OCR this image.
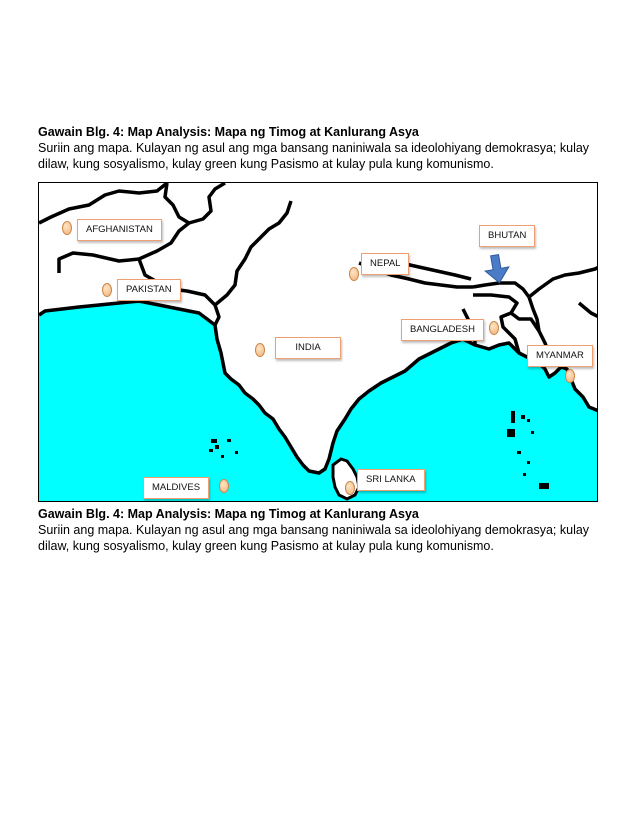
Gawain Blg. 4: Map Analysis: Mapa ng Timog at Kanlurang Asya

Suriin ang mapa. Kulayan ng asul ang mga bansang naniniwala sa ideolohiyang demokrasya; kulay dilaw, kung sosyalismo, kulay green kung Pasismo at kulay pula kung komunismo.

AFGHANISTAN
PAKISTAN
INDIA
NEPAL
BHUTAN
BANGLADESH
MYANMAR
SRI LANKA
MALDIVES
Gawain Blg. 4: Map Analysis: Mapa ng Timog at Kanlurang Asya

Suriin ang mapa. Kulayan ng asul ang mga bansang naniniwala sa ideolohiyang demokrasya; kulay dilaw, kung sosyalismo, kulay green kung Pasismo at kulay pula kung komunismo.
